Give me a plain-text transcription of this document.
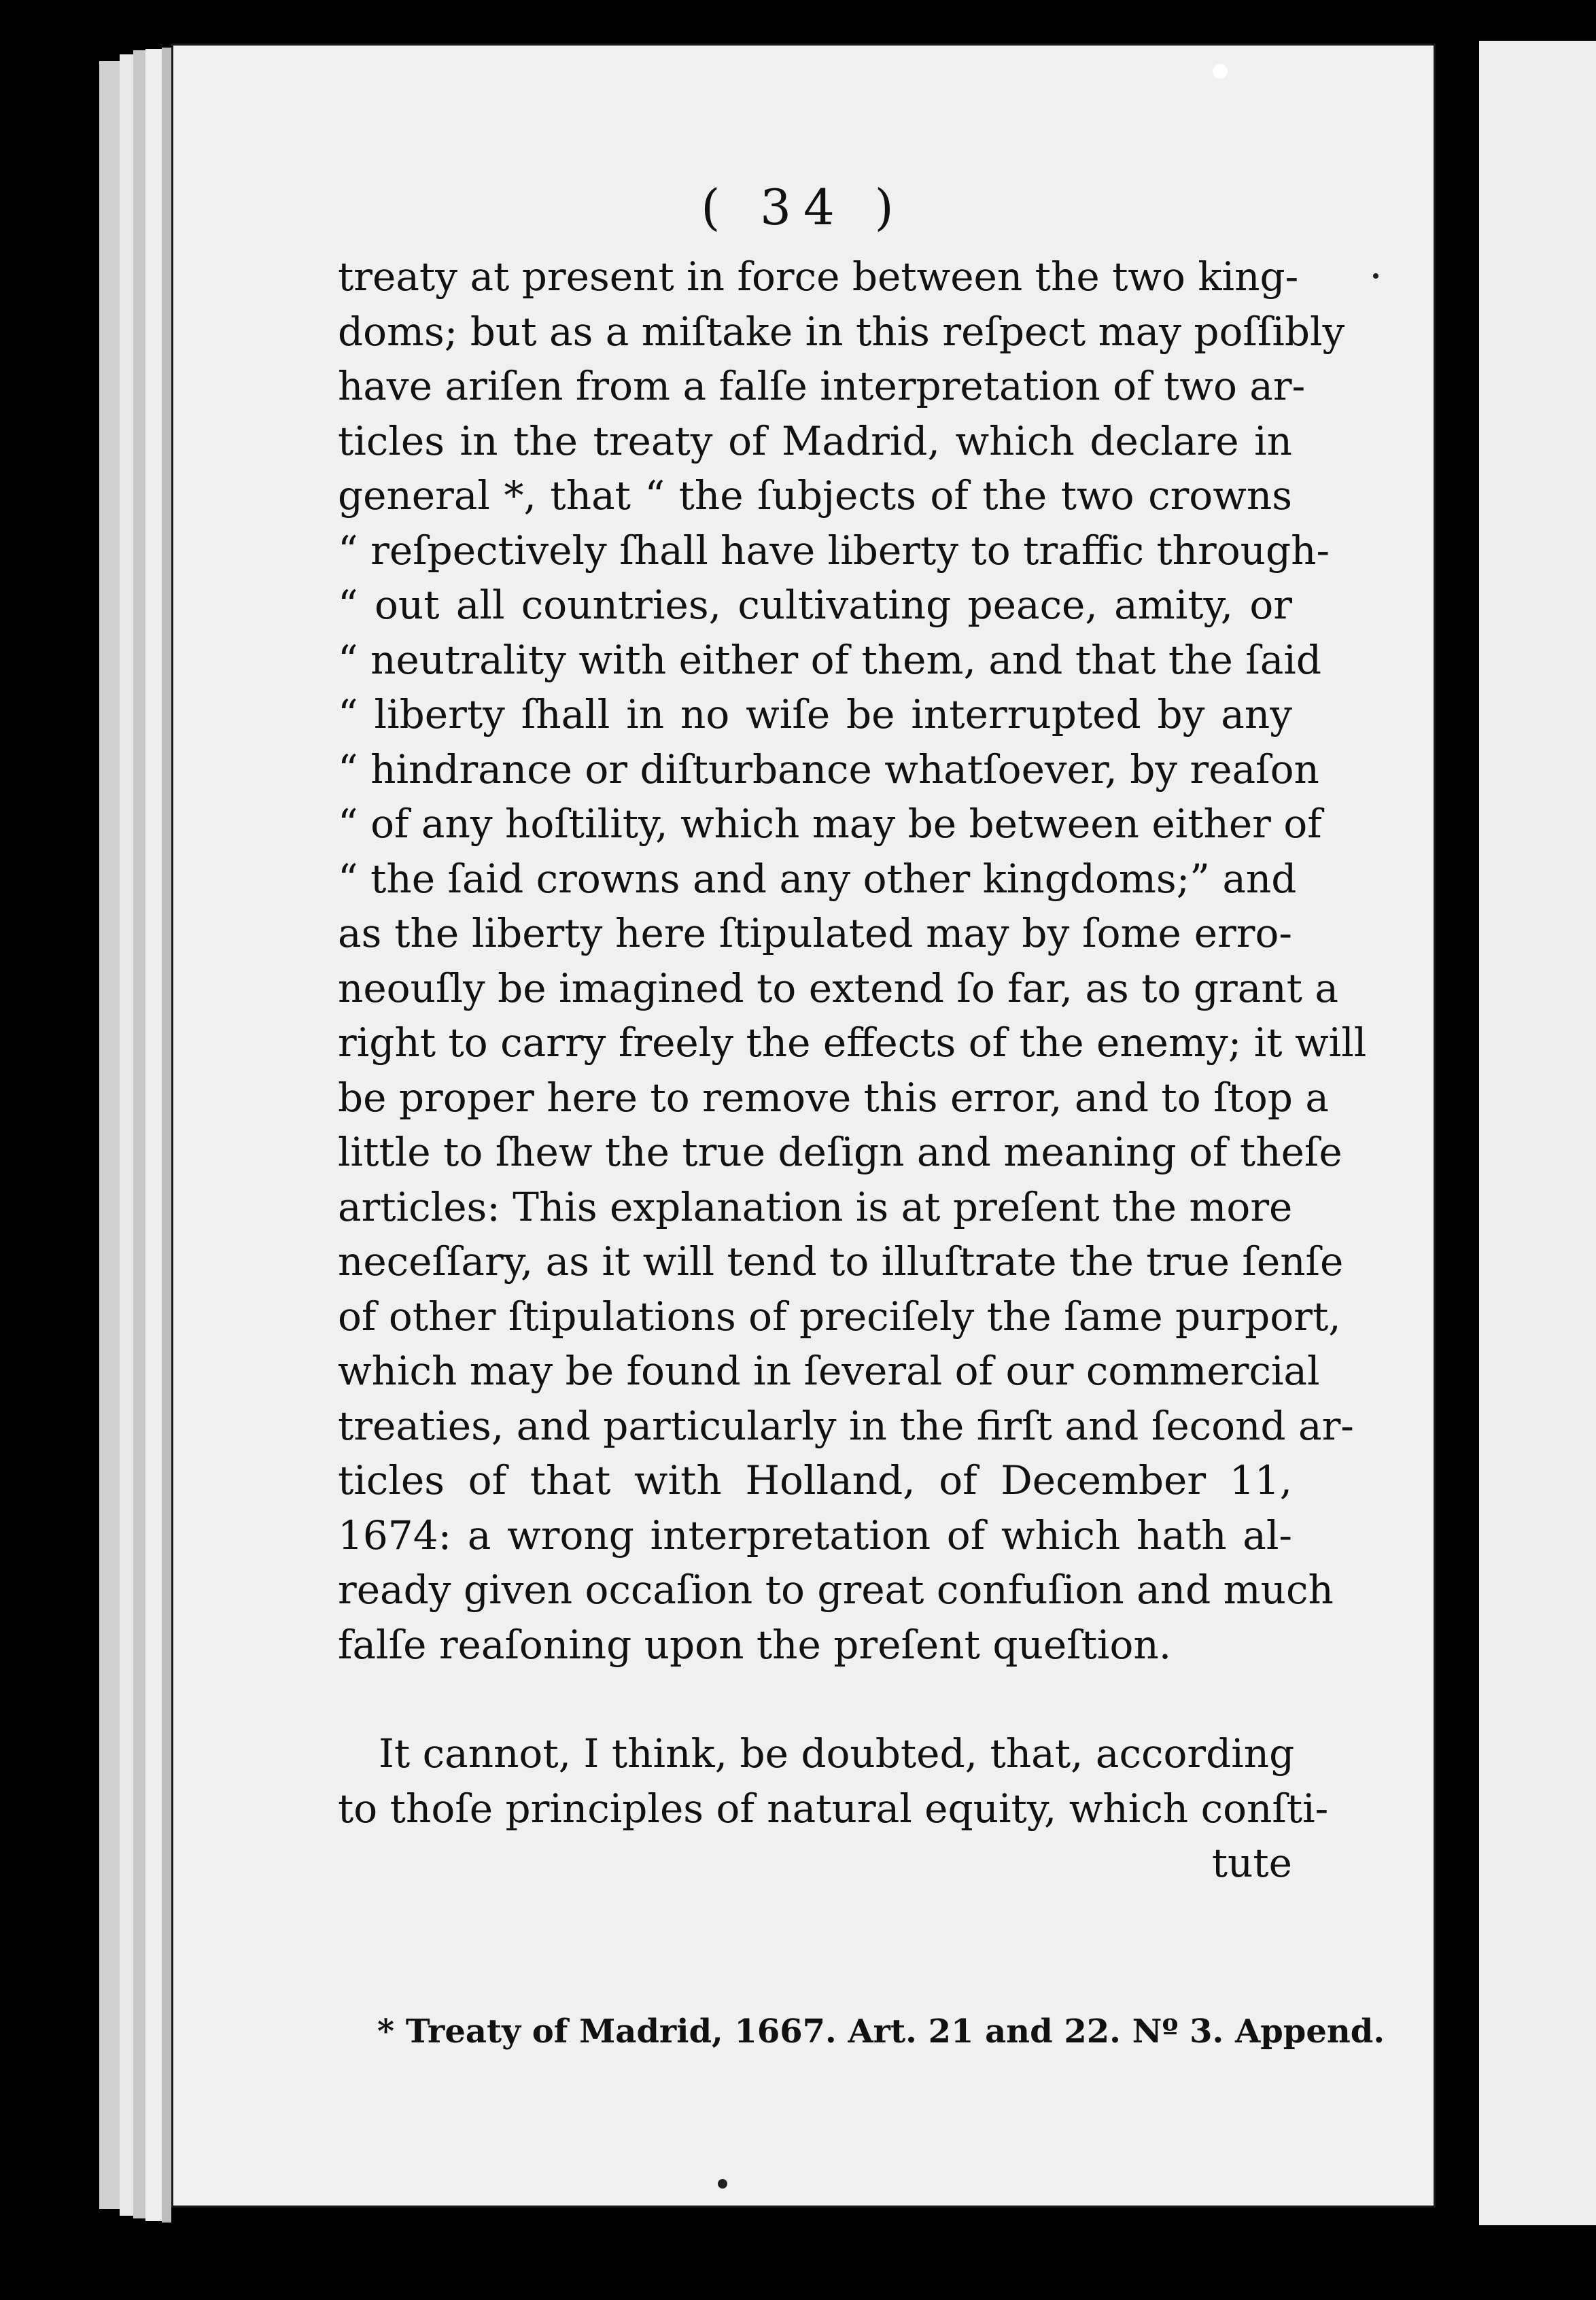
( 34 )
treaty at present in force between the two king-
doms; but as a miſtake in this reſpect may poſſibly
have ariſen from a falſe interpretation of two ar-
ticles in the treaty of Madrid, which declare in
general *, that “ the ſubjects of the two crowns
“ reſpectively ſhall have liberty to traffic through-
“ out all countries, cultivating peace, amity, or
“ neutrality with either of them, and that the ſaid
“ liberty ſhall in no wiſe be interrupted by any
“ hindrance or diſturbance whatſoever, by reaſon
“ of any hoſtility, which may be between either of
“ the ſaid crowns and any other kingdoms;” and
as the liberty here ſtipulated may by ſome erro-
neouſly be imagined to extend ſo far, as to grant a
right to carry freely the effects of the enemy; it will
be proper here to remove this error, and to ſtop a
little to ſhew the true deſign and meaning of theſe
articles: This explanation is at preſent the more
neceſſary, as it will tend to illuſtrate the true ſenſe
of other ſtipulations of preciſely the ſame purport,
which may be found in ſeveral of our commercial
treaties, and particularly in the firſt and ſecond ar-
ticles of that with Holland, of December 11,
1674: a wrong interpretation of which hath al-
ready given occaſion to great confuſion and much
falſe reaſoning upon the preſent queſtion.
It cannot, I think, be doubted, that, according
to thoſe principles of natural equity, which conſti-
tute
* Treaty of Madrid, 1667. Art. 21 and 22. Nº 3. Append.
